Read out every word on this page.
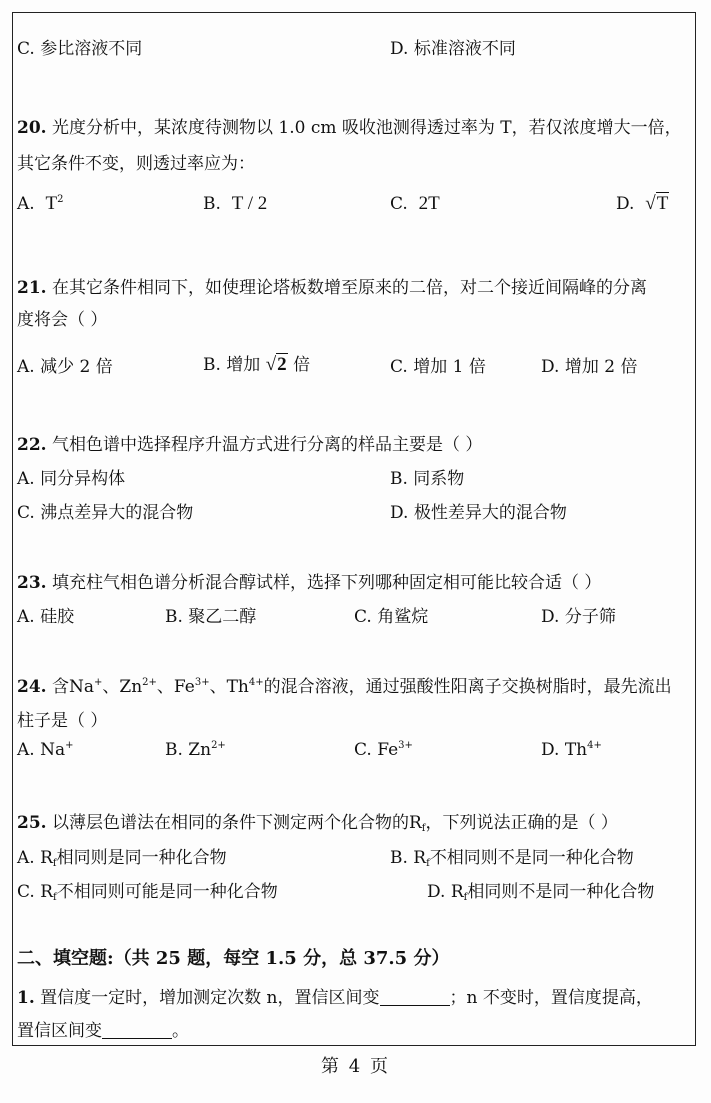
C. 参比溶液不同	D. 标准溶液不同
20. 光度分析中，某浓度待测物以 1.0 cm 吸收池测得透过率为 T，若仅浓度增大一倍，
其它条件不变，则透过率应为：
A. $T^2$	B. T / 2	C. 2T	D. √T
21. 在其它条件相同下，如使理论塔板数增至原来的二倍，对二个接近间隔峰的分离
度将会（ ）
A. 减少 2 倍	B. 增加 √2 倍	C. 增加 1 倍	D. 增加 2 倍
22. 气相色谱中选择程序升温方式进行分离的样品主要是（ ）
A. 同分异构体	B. 同系物
C. 沸点差异大的混合物	D. 极性差异大的混合物
23. 填充柱气相色谱分析混合醇试样，选择下列哪种固定相可能比较合适（ ）
A. 硅胶	B. 聚乙二醇	C. 角鲨烷	D. 分子筛
24. 含Na+、$Zn^{2+}$、$Fe^{3+}$、$Th^{4+}$的混合溶液，通过强酸性阳离子交换树脂时，最先流出
柱子是（ ）
A. Na+	B. $Zn^{2+}$	C. $Fe^{3+}$	D. $Th^{4+}$
25. 以薄层色谱法在相同的条件下测定两个化合物的$R_f$，下列说法正确的是（ ）
A. $R_f$相同则是同一种化合物	B. $R_f$不相同则不是同一种化合物
C. $R_f$不相同则可能是同一种化合物	D. $R_f$相同则不是同一种化合物
二、填空题:（共 25 题，每空 1.5 分，总 37.5 分）
1. 置信度一定时，增加测定次数 n，置信区间变	；n 不变时，置信度提高，
置信区间变	。
第 4 页
